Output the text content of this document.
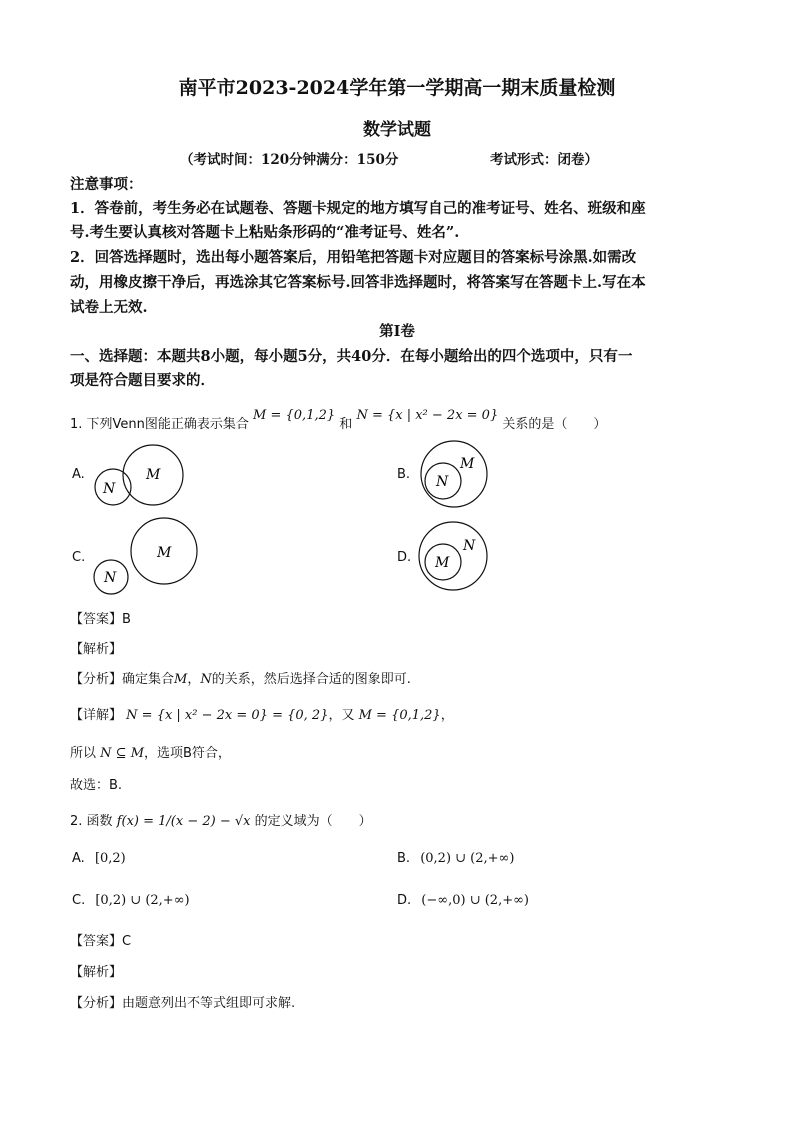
南平市2023-2024学年第一学期高一期末质量检测
数学试题
（考试时间：120分钟满分：150分	考试形式：闭卷）
注意事项：
1．答卷前，考生务必在试题卷、答题卡规定的地方填写自己的准考证号、姓名、班级和座
号.考生要认真核对答题卡上粘贴条形码的“准考证号、姓名”.
2．回答选择题时，选出每小题答案后，用铅笔把答题卡对应题目的答案标号涂黑.如需改
动，用橡皮擦干净后，再选涂其它答案标号.回答非选择题时，将答案写在答题卡上.写在本
试卷上无效.
第I卷
一、选择题：本题共8小题，每小题5分，共40分．在每小题给出的四个选项中，只有一
项是符合题目要求的．
1. 下列Venn图能正确表示集合 M = {0,1,2} 和 N = {x | x² − 2x = 0} 关系的是（　　）
A.	M
N
B.
M
N
C.	M
N
D.
N
M
【答案】B
【解析】
【分析】确定集合M，N的关系，然后选择合适的图象即可.
【详解】 N = {x | x² − 2x = 0} = {0, 2}，又 M = {0,1,2}，
所以 N ⊆ M，选项B符合，
故选：B.
2. 函数 f(x) = 1/(x − 2) − √x 的定义域为（　　）
A. [0,2)	B. (0,2) ∪ (2,+∞)
C. [0,2) ∪ (2,+∞)	D. (−∞,0) ∪ (2,+∞)
【答案】C
【解析】
【分析】由题意列出不等式组即可求解.
